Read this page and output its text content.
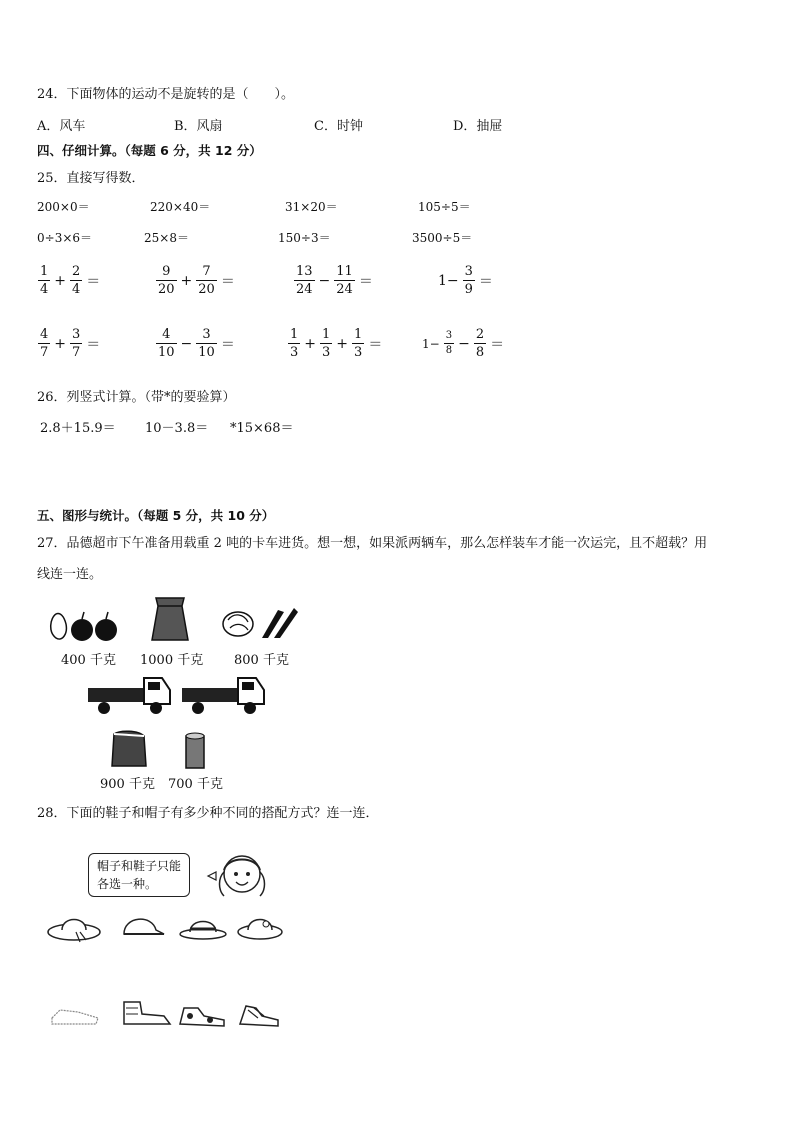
24．下面物体的运动不是旋转的是（　　）。
A．风车	B．风扇	C．时钟	D．抽屉
四、仔细计算。（每题 6 分，共 12 分）
25．直接写得数．
200×0＝	220×40＝	31×20＝	105÷5＝
0÷3×6＝	25×8＝	150÷3＝	3500÷5＝
$\frac{1}{4} + \frac{2}{4}$ ＝	$\frac{9}{20} + \frac{7}{20}$ ＝	$\frac{13}{24} - \frac{11}{24}$ ＝	$1- \frac{3}{9}$ ＝
$\frac{4}{7} + \frac{3}{7}$ ＝	$\frac{4}{10} - \frac{3}{10}$ ＝	$\frac{1}{3} + \frac{1}{3} + \frac{1}{3}$ ＝	$1- \frac{3}{8} - \frac{2}{8}$ ＝
26．列竖式计算。（带*的要验算）
2.8＋15.9＝ 10－3.8＝ *15×68＝
五、图形与统计。（每题 5 分，共 10 分）
27．品德超市下午准备用载重 2 吨的卡车进货。想一想，如果派两辆车，那么怎样装车才能一次运完，且不超载？用
线连一连。
400 千克 1000 千克 800 千克
900 千克 700 千克
28．下面的鞋子和帽子有多少种不同的搭配方式？连一连．
帽子和鞋子只能
各选一种。
